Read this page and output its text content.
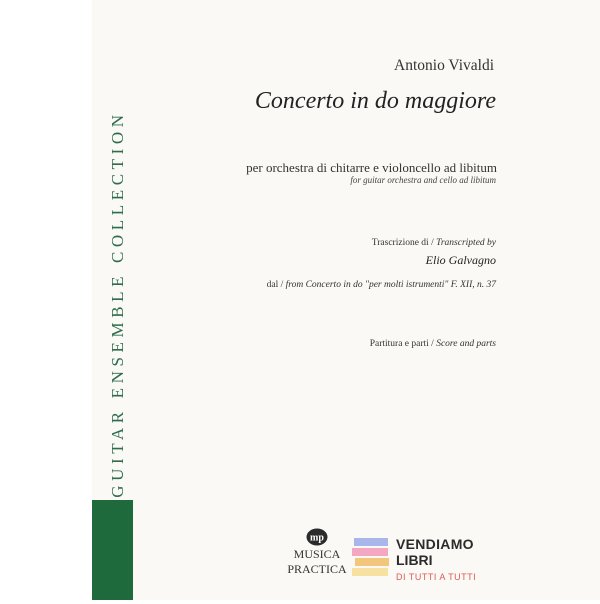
GUITAR ENSEMBLE COLLECTION
Antonio Vivaldi
Concerto in do maggiore
per orchestra di chitarre e violoncello ad libitum
for guitar orchestra and cello ad libitum
Trascrizione di / Transcripted by
Elio Galvagno
dal / from Concerto in do "per molti istrumenti" F. XII, n. 37
Partitura e parti / Score and parts
mp
MUSICA
PRACTICA
VENDIAMO
LIBRI
DI TUTTI A TUTTI
